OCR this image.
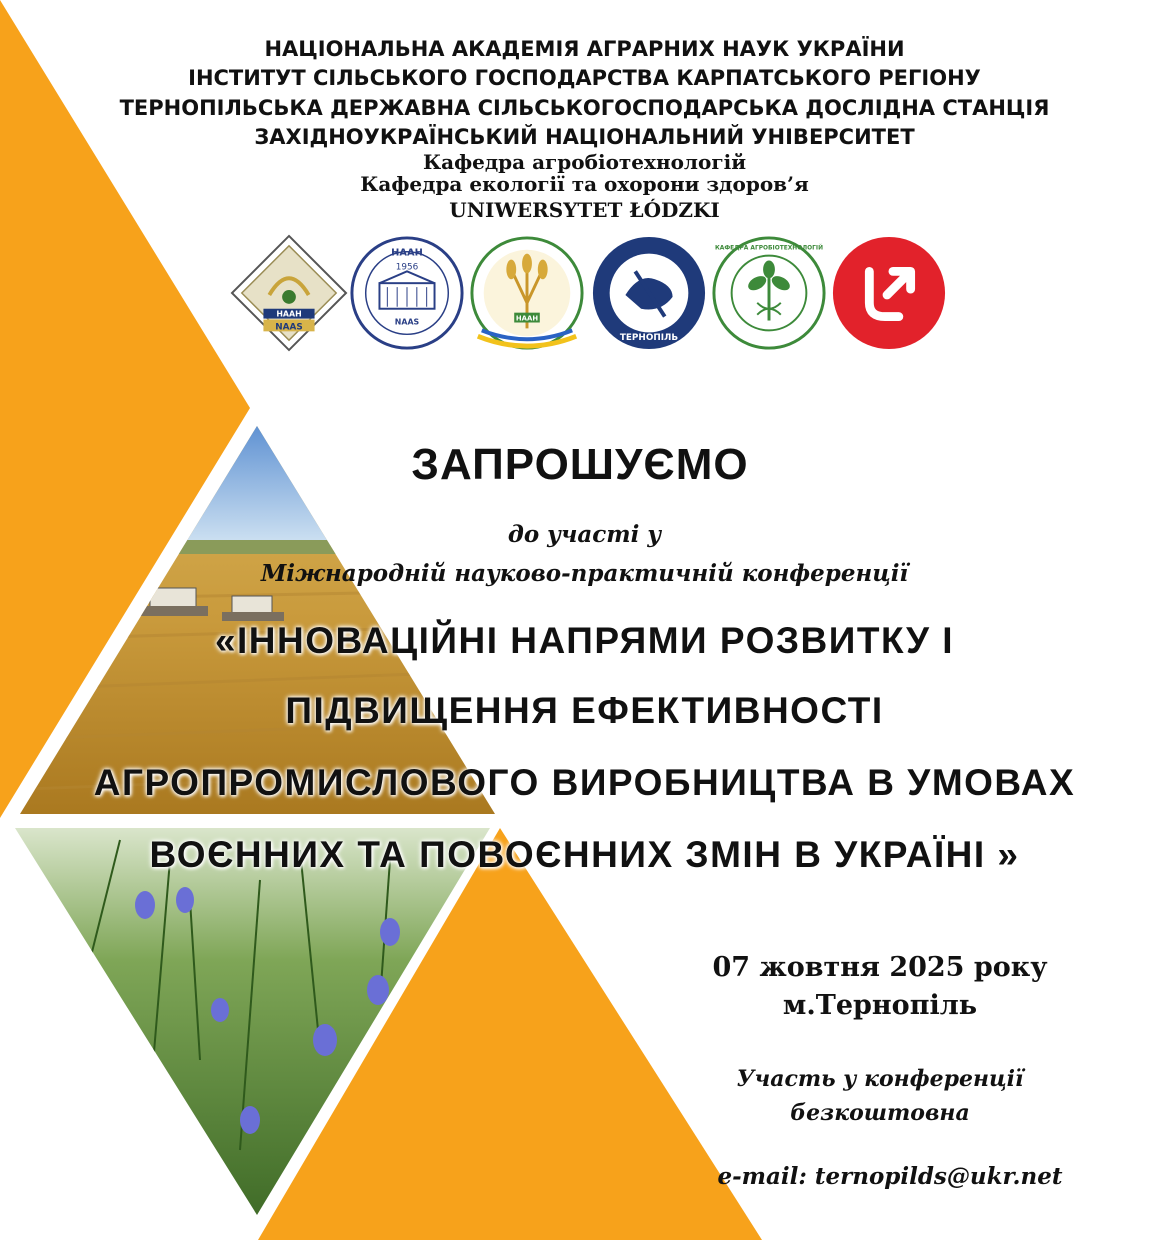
НАЦІОНАЛЬНА АКАДЕМІЯ АГРАРНИХ НАУК УКРАЇНИ
ІНСТИТУТ СІЛЬСЬКОГО ГОСПОДАРСТВА КАРПАТСЬКОГО РЕГІОНУ
ТЕРНОПІЛЬСЬКА ДЕРЖАВНА СІЛЬСЬКОГОСПОДАРСЬКА ДОСЛІДНА СТАНЦІЯ
ЗАХІДНОУКРАЇНСЬКИЙ НАЦІОНАЛЬНИЙ УНІВЕРСИТЕТ
Кафедра агробіотехнологій
Кафедра екології та охорони здоров’я
UNIWERSYTET ŁÓDZKI
НААН
NAAS
НААН
1956
NAAS	НААН
ТЕРНОПІЛЬ
КАФЕДРА АГРОБІОТЕХНОЛОГІЙ
ЗАПРОШУЄМО
до участі у
Міжнародній науково-практичній конференції
«ІННОВАЦІЙНІ НАПРЯМИ РОЗВИТКУ І
ПІДВИЩЕННЯ ЕФЕКТИВНОСТІ
АГРОПРОМИСЛОВОГО ВИРОБНИЦТВА В УМОВАХ
ВОЄННИХ ТА ПОВОЄННИХ ЗМІН В УКРАЇНІ »
07 жовтня 2025 року
м.Тернопіль
Участь у конференції
безкоштовна
e-mail: ternopilds@ukr.net
